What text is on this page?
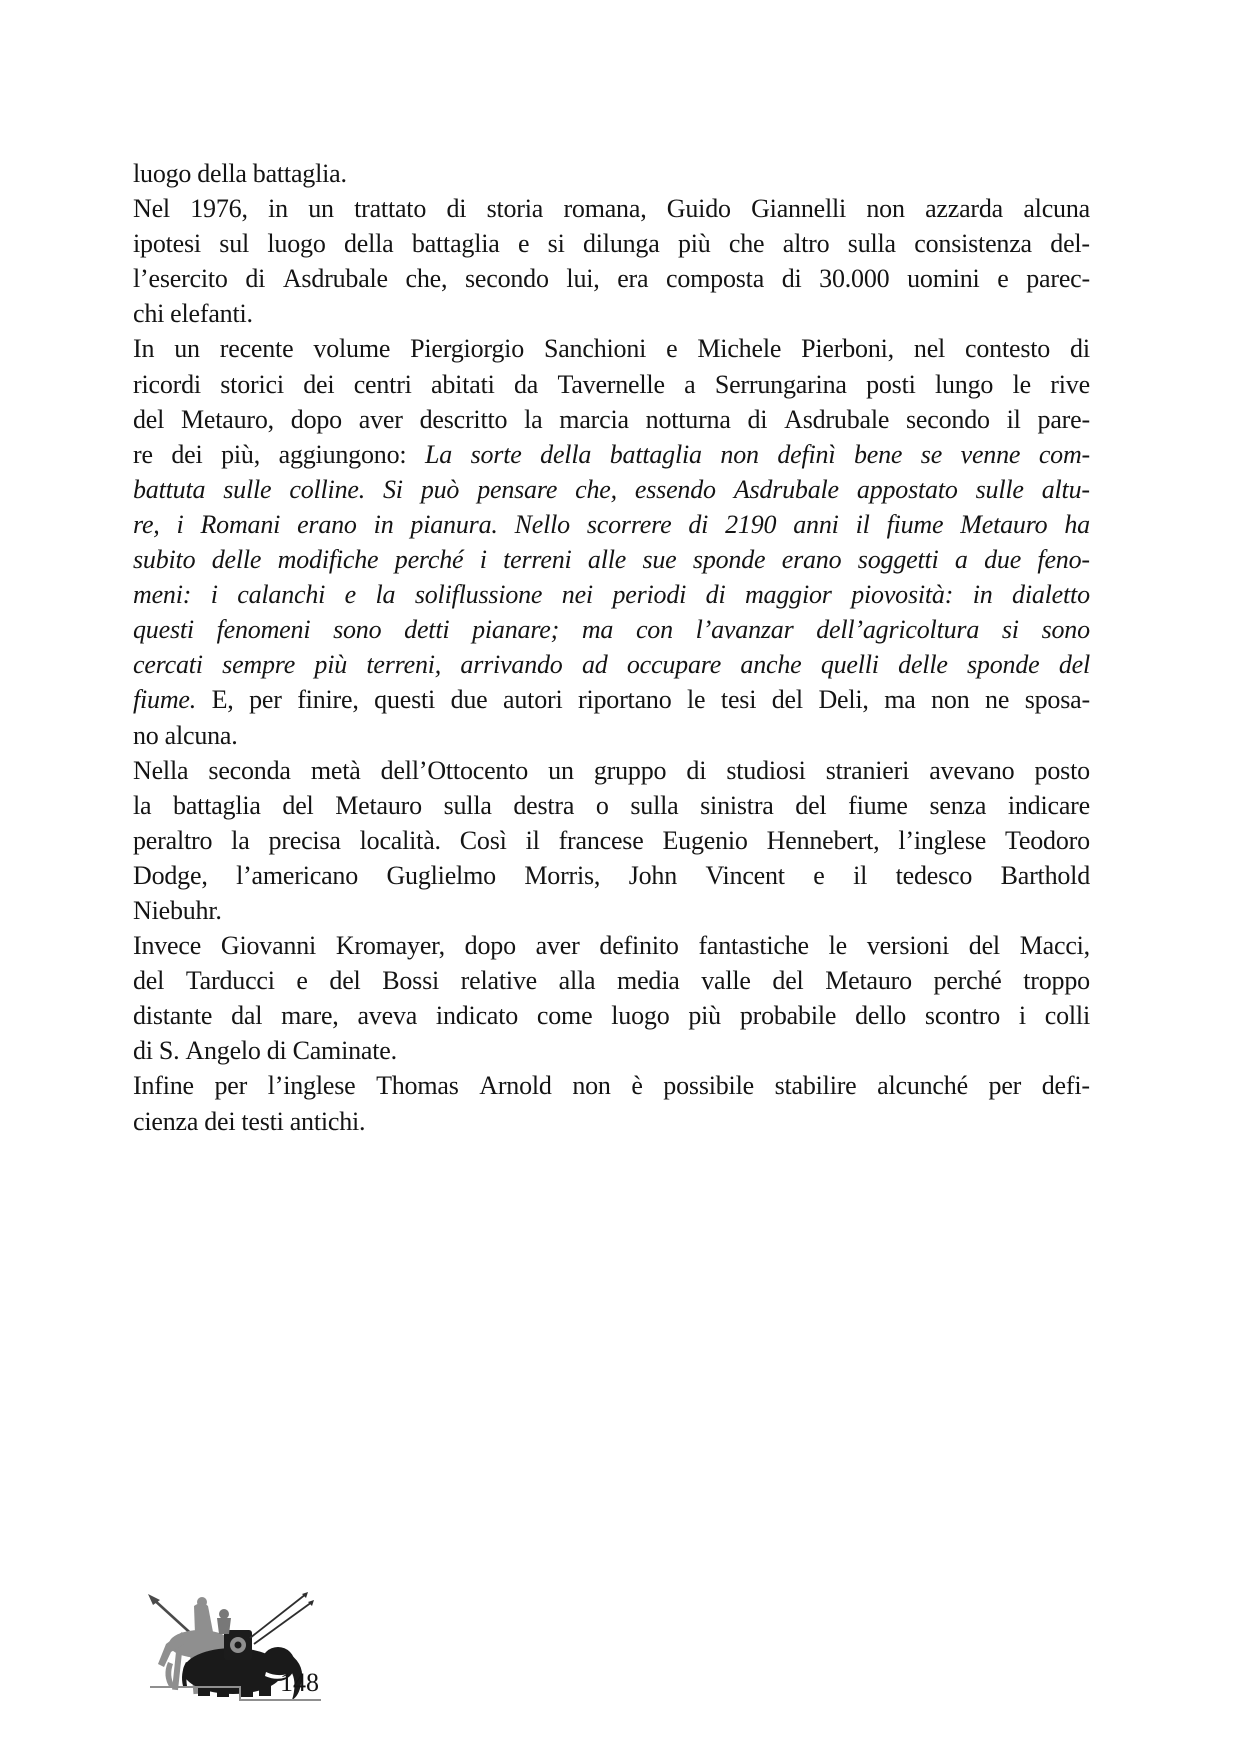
luogo della battaglia.
Nel 1976, in un trattato di storia romana, Guido Giannelli non azzarda alcuna
ipotesi sul luogo della battaglia e si dilunga più che altro sulla consistenza del-
l’esercito di Asdrubale che, secondo lui, era composta di 30.000 uomini e parec-
chi elefanti.
In un recente volume Piergiorgio Sanchioni e Michele Pierboni, nel contesto di
ricordi storici dei centri abitati da Tavernelle a Serrungarina posti lungo le rive
del Metauro, dopo aver descritto la marcia notturna di Asdrubale secondo il pare-
re dei più, aggiungono: La sorte della battaglia non definì bene se venne com-
battuta sulle colline. Si può pensare che, essendo Asdrubale appostato sulle altu-
re, i Romani erano in pianura. Nello scorrere di 2190 anni il fiume Metauro ha
subito delle modifiche perché i terreni alle sue sponde erano soggetti a due feno-
meni: i calanchi e la soliflussione nei periodi di maggior piovosità: in dialetto
questi fenomeni sono detti pianare; ma con l’avanzar dell’agricoltura si sono
cercati sempre più terreni, arrivando ad occupare anche quelli delle sponde del
fiume. E, per finire, questi due autori riportano le tesi del Deli, ma non ne sposa-
no alcuna.
Nella seconda metà dell’Ottocento un gruppo di studiosi stranieri avevano posto
la battaglia del Metauro sulla destra o sulla sinistra del fiume senza indicare
peraltro la precisa località. Così il francese Eugenio Hennebert, l’inglese Teodoro
Dodge, l’americano Guglielmo Morris, John Vincent e il tedesco Barthold
Niebuhr.
Invece Giovanni Kromayer, dopo aver definito fantastiche le versioni del Macci,
del Tarducci e del Bossi relative alla media valle del Metauro perché troppo
distante dal mare, aveva indicato come luogo più probabile dello scontro i colli
di S. Angelo di Caminate.
Infine per l’inglese Thomas Arnold non è possibile stabilire alcunché per defi-
cienza dei testi antichi.
148
